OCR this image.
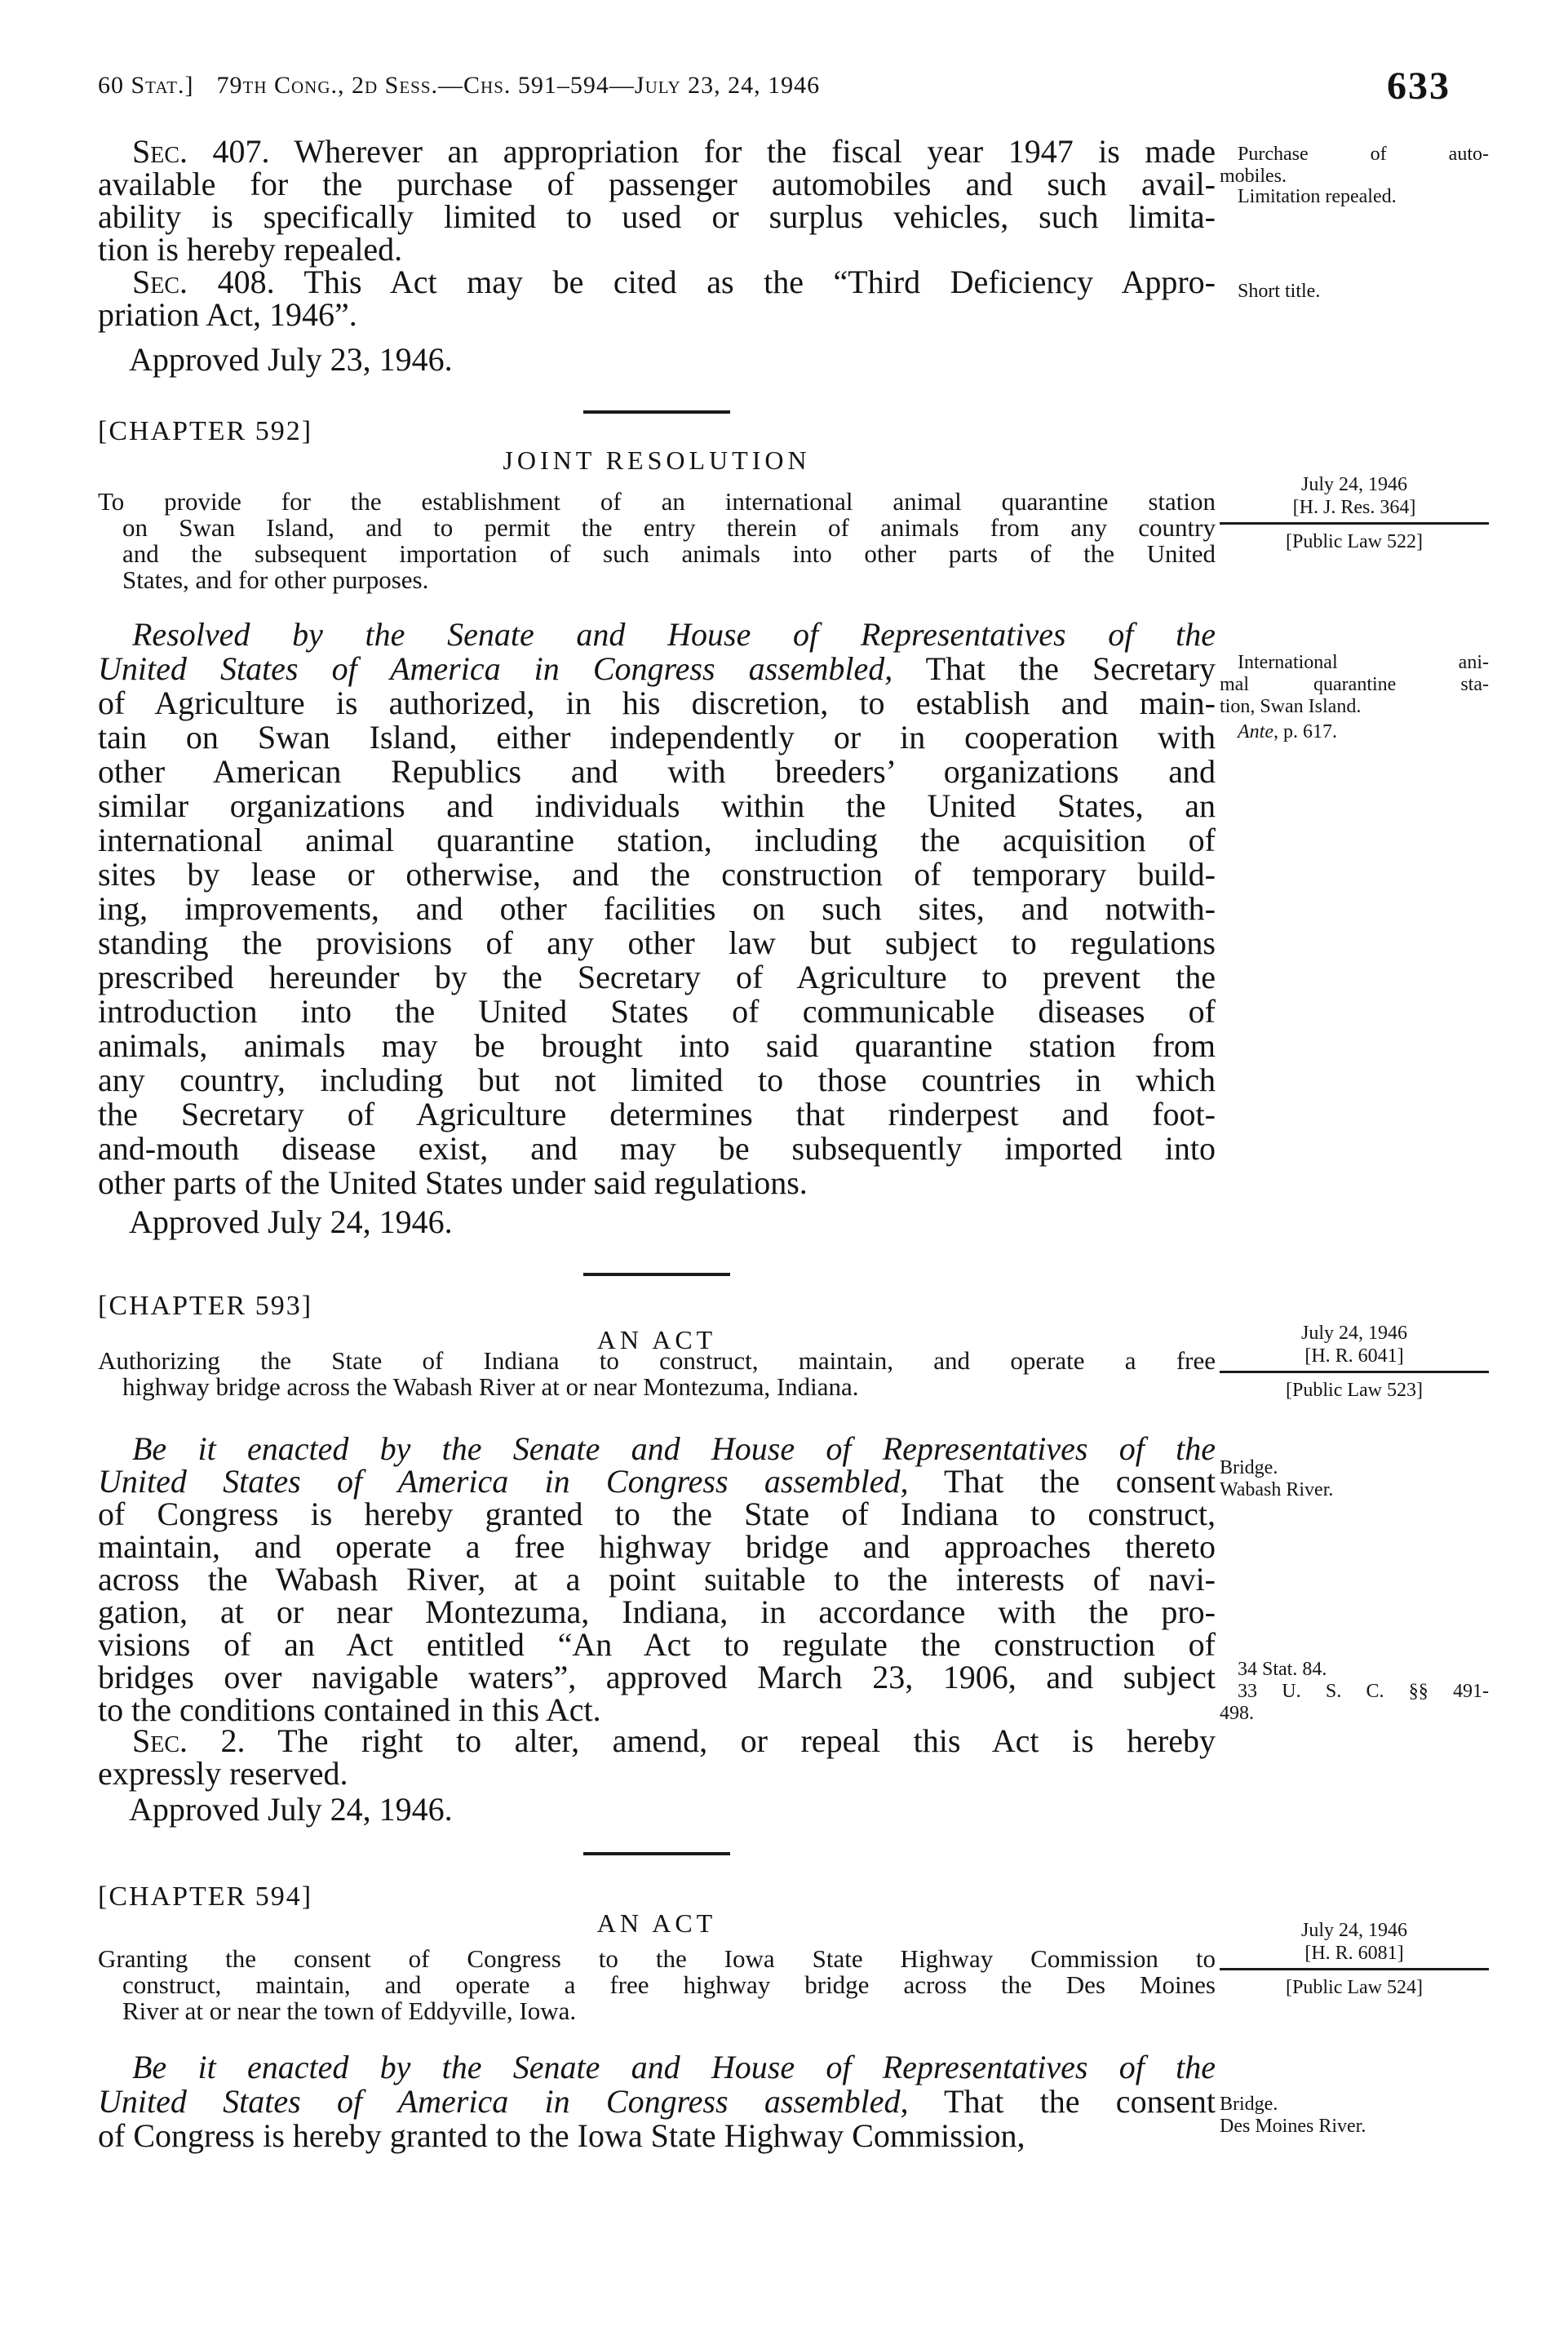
60 Stat.] 79th Cong., 2d Sess.—Chs. 591–594—July 23, 24, 1946	633
Sec. 407. Wherever an appropriation for the fiscal year 1947 is made
available for the purchase of passenger automobiles and such avail-
ability is specifically limited to used or surplus vehicles, such limita-
tion is hereby repealed.
Sec. 408. This Act may be cited as the “Third Deficiency Appro-
priation Act, 1946”.
Approved July 23, 1946.
Purchase of auto-
mobiles.
Limitation repealed.
Short title.
[CHAPTER 592]
JOINT RESOLUTION
To provide for the establishment of an international animal quarantine station
on Swan Island, and to permit the entry therein of animals from any country
and the subsequent importation of such animals into other parts of the United
States, and for other purposes.
Resolved by the Senate and House of Representatives of the
United States of America in Congress assembled, That the Secretary
of Agriculture is authorized, in his discretion, to establish and main-
tain on Swan Island, either independently or in cooperation with
other American Republics and with breeders’ organizations and
similar organizations and individuals within the United States, an
international animal quarantine station, including the acquisition of
sites by lease or otherwise, and the construction of temporary build-
ing, improvements, and other facilities on such sites, and notwith-
standing the provisions of any other law but subject to regulations
prescribed hereunder by the Secretary of Agriculture to prevent the
introduction into the United States of communicable diseases of
animals, animals may be brought into said quarantine station from
any country, including but not limited to those countries in which
the Secretary of Agriculture determines that rinderpest and foot-
and-mouth disease exist, and may be subsequently imported into
other parts of the United States under said regulations.
Approved July 24, 1946.
July 24, 1946
[H. J. Res. 364]
[Public Law 522]
International ani-
mal quarantine sta-
tion, Swan Island.
Ante, p. 617.
[CHAPTER 593]
AN ACT
Authorizing the State of Indiana to construct, maintain, and operate a free
highway bridge across the Wabash River at or near Montezuma, Indiana.
Be it enacted by the Senate and House of Representatives of the
United States of America in Congress assembled, That the consent
of Congress is hereby granted to the State of Indiana to construct,
maintain, and operate a free highway bridge and approaches thereto
across the Wabash River, at a point suitable to the interests of navi-
gation, at or near Montezuma, Indiana, in accordance with the pro-
visions of an Act entitled “An Act to regulate the construction of
bridges over navigable waters”, approved March 23, 1906, and subject
to the conditions contained in this Act.
Sec. 2. The right to alter, amend, or repeal this Act is hereby
expressly reserved.
Approved July 24, 1946.
July 24, 1946
[H. R. 6041]
[Public Law 523]
Bridge.
Wabash River.
34 Stat. 84.
33 U. S. C. §§ 491-
498.
[CHAPTER 594]
AN ACT
Granting the consent of Congress to the Iowa State Highway Commission to
construct, maintain, and operate a free highway bridge across the Des Moines
River at or near the town of Eddyville, Iowa.
Be it enacted by the Senate and House of Representatives of the
United States of America in Congress assembled, That the consent
of Congress is hereby granted to the Iowa State Highway Commission,
July 24, 1946
[H. R. 6081]
[Public Law 524]
Bridge.
Des Moines River.
